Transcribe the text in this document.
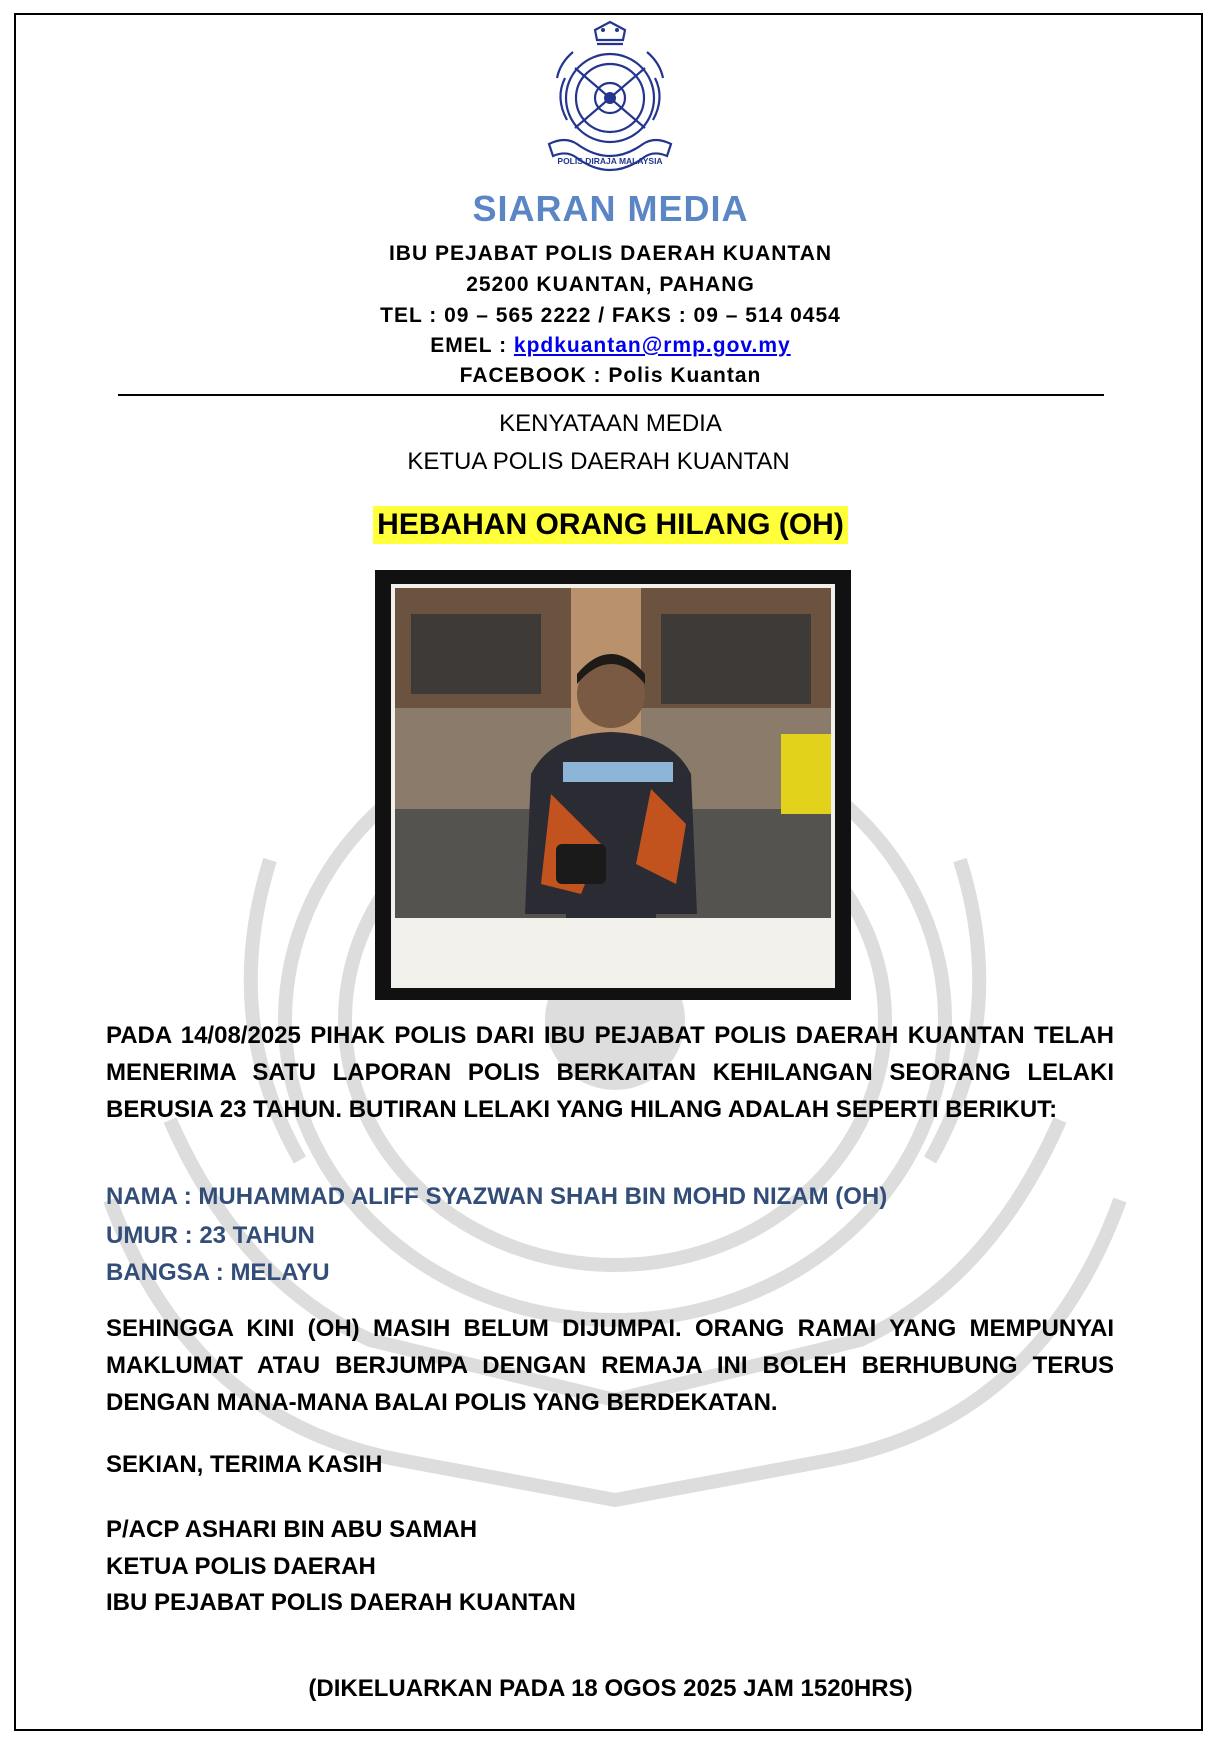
POLIS DIRAJA MALAYSIA
SIARAN MEDIA
IBU PEJABAT POLIS DAERAH KUANTAN
25200 KUANTAN, PAHANG
TEL : 09 – 565 2222 / FAKS : 09 – 514 0454
EMEL : kpdkuantan@rmp.gov.my
FACEBOOK : Polis Kuantan
KENYATAAN MEDIA
KETUA POLIS DAERAH KUANTAN
HEBAHAN ORANG HILANG (OH)
PADA 14/08/2025 PIHAK POLIS DARI IBU PEJABAT POLIS DAERAH KUANTAN TELAH MENERIMA SATU LAPORAN POLIS BERKAITAN KEHILANGAN SEORANG LELAKI BERUSIA 23 TAHUN. BUTIRAN LELAKI YANG HILANG ADALAH SEPERTI BERIKUT:
NAMA : MUHAMMAD ALIFF SYAZWAN SHAH BIN MOHD NIZAM (OH)
UMUR : 23 TAHUN
BANGSA : MELAYU
SEHINGGA KINI (OH) MASIH BELUM DIJUMPAI. ORANG RAMAI YANG MEMPUNYAI MAKLUMAT ATAU BERJUMPA DENGAN REMAJA INI BOLEH BERHUBUNG TERUS DENGAN MANA-MANA BALAI POLIS YANG BERDEKATAN.
SEKIAN, TERIMA KASIH
P/ACP ASHARI BIN ABU SAMAH
KETUA POLIS DAERAH
IBU PEJABAT POLIS DAERAH KUANTAN
(DIKELUARKAN PADA 18 OGOS 2025 JAM 1520HRS)
